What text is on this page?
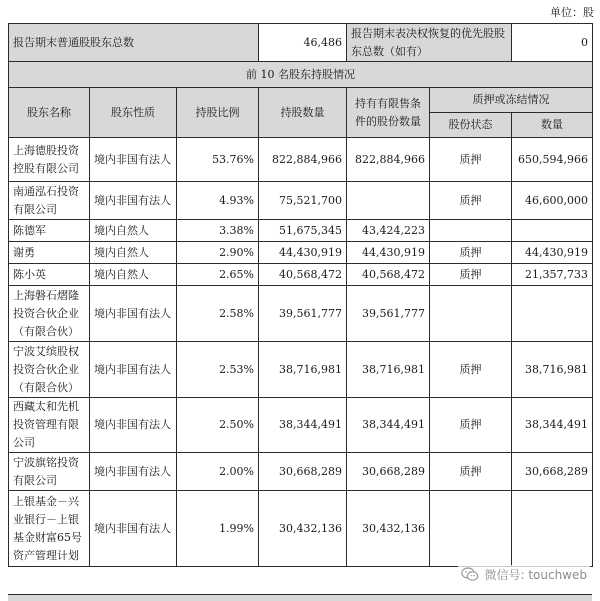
单位：股
报告期末普通股股东总数			46,486	报告期末表决权恢复的优先股股东总数（如有）		0
前 10 名股东持股情况						
股东名称	股东性质	持股比例	持股数量	持有有限售条件的股份数量	质押或冻结情况	
					股份状态	数量
上海德股投资控股有限公司	境内非国有法人	53.76%	822,884,966	822,884,966	质押	650,594,966
南通泓石投资有限公司	境内非国有法人	4.93%	75,521,700		质押	46,600,000
陈德军	境内自然人	3.38%	51,675,345	43,424,223		
谢勇	境内自然人	2.90%	44,430,919	44,430,919	质押	44,430,919
陈小英	境内自然人	2.65%	40,568,472	40,568,472	质押	21,357,733
上海磐石熠隆投资合伙企业（有限合伙）	境内非国有法人	2.58%	39,561,777	39,561,777		
宁波艾缤股权投资合伙企业（有限合伙）	境内非国有法人	2.53%	38,716,981	38,716,981	质押	38,716,981
西藏太和先机投资管理有限公司	境内非国有法人	2.50%	38,344,491	38,344,491	质押	38,344,491
宁波旗铭投资有限公司	境内非国有法人	2.00%	30,668,289	30,668,289	质押	30,668,289
上银基金－兴业银行－上银基金财富65号资产管理计划	境内非国有法人	1.99%	30,432,136	30,432,136		
微信号: touchweb
